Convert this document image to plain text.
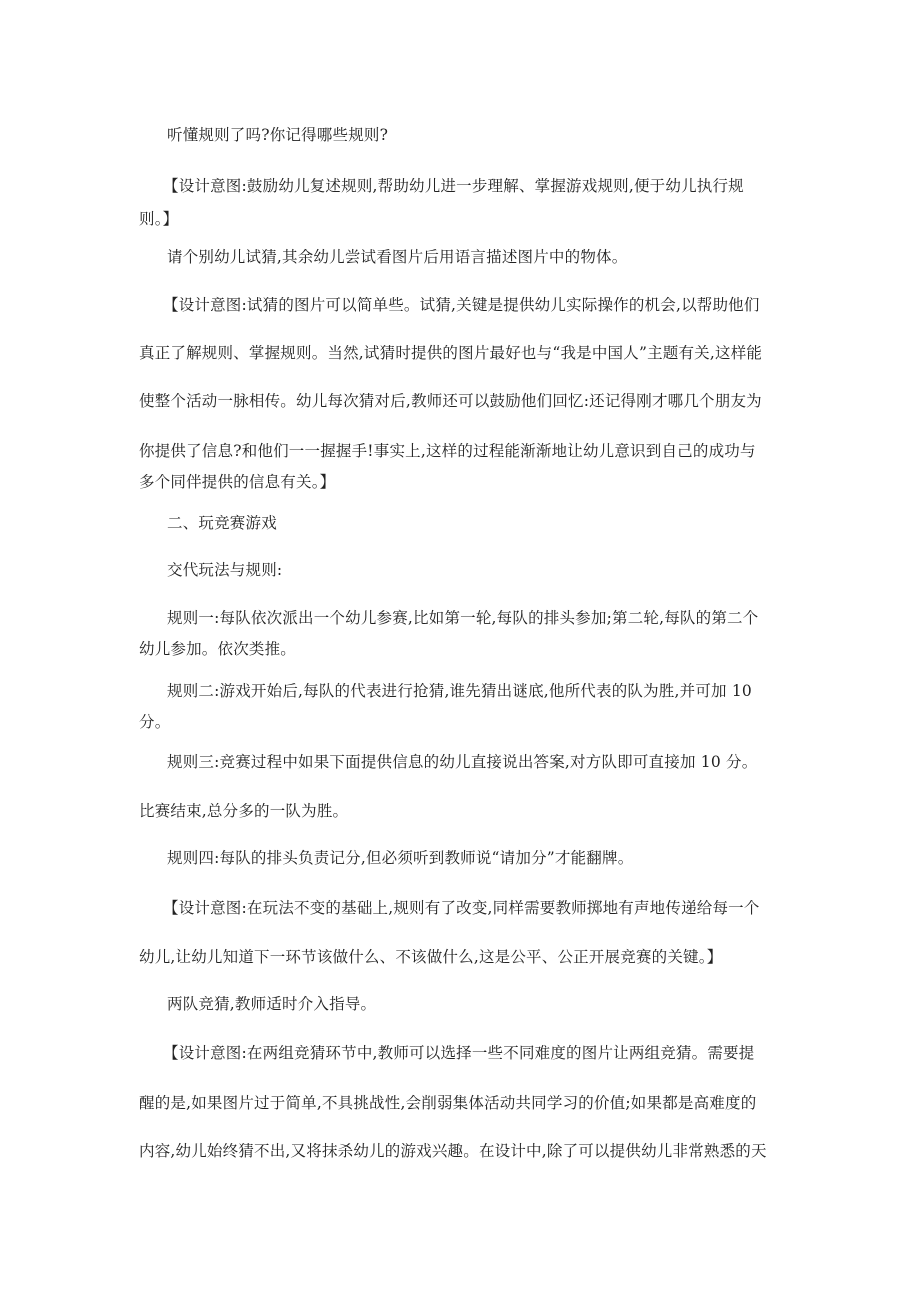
听懂规则了吗?你记得哪些规则?
【设计意图:鼓励幼儿复述规则,帮助幼儿进一步理解、掌握游戏规则,便于幼儿执行规
则。】
请个别幼儿试猜,其余幼儿尝试看图片后用语言描述图片中的物体。
【设计意图:试猜的图片可以简单些。试猜,关键是提供幼儿实际操作的机会,以帮助他们
真正了解规则、掌握规则。当然,试猜时提供的图片最好也与“我是中国人”主题有关,这样能
使整个活动一脉相传。幼儿每次猜对后,教师还可以鼓励他们回忆:还记得刚才哪几个朋友为
你提供了信息?和他们一一握握手!事实上,这样的过程能渐渐地让幼儿意识到自己的成功与
多个同伴提供的信息有关。】
二、玩竞赛游戏
交代玩法与规则:
规则一:每队依次派出一个幼儿参赛,比如第一轮,每队的排头参加;第二轮,每队的第二个
幼儿参加。依次类推。
规则二:游戏开始后,每队的代表进行抢猜,谁先猜出谜底,他所代表的队为胜,并可加 10
分。
规则三:竞赛过程中如果下面提供信息的幼儿直接说出答案,对方队即可直接加 10 分。
比赛结束,总分多的一队为胜。
规则四:每队的排头负责记分,但必须听到教师说“请加分”才能翻牌。
【设计意图:在玩法不变的基础上,规则有了改变,同样需要教师掷地有声地传递给每一个
幼儿,让幼儿知道下一环节该做什么、不该做什么,这是公平、公正开展竞赛的关键。】
两队竞猜,教师适时介入指导。
【设计意图:在两组竞猜环节中,教师可以选择一些不同难度的图片让两组竞猜。需要提
醒的是,如果图片过于简单,不具挑战性,会削弱集体活动共同学习的价值;如果都是高难度的
内容,幼儿始终猜不出,又将抹杀幼儿的游戏兴趣。在设计中,除了可以提供幼儿非常熟悉的天
